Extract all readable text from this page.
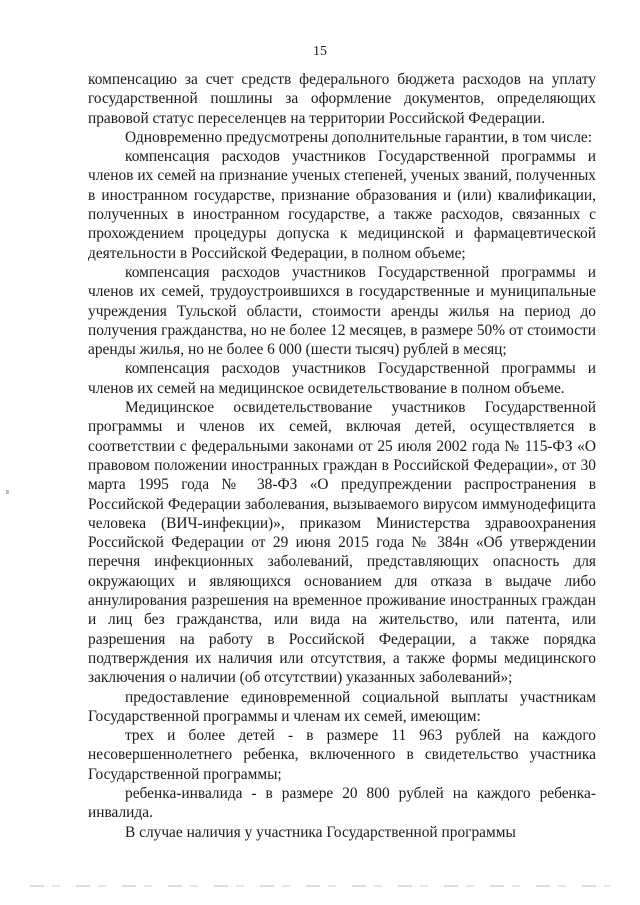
15

компенсацию за счет средств федерального бюджета расходов на уплату государственной пошлины за оформление документов, определяющих правовой статус переселенцев на территории Российской Федерации.

Одновременно предусмотрены дополнительные гарантии, в том числе:

компенсация расходов участников Государственной программы и членов их семей на признание ученых степеней, ученых званий, полученных в иностранном государстве, признание образования и (или) квалификации, полученных в иностранном государстве, а также расходов, связанных с прохождением процедуры допуска к медицинской и фармацевтической деятельности в Российской Федерации, в полном объеме;

компенсация расходов участников Государственной программы и членов их семей, трудоустроившихся в государственные и муниципальные учреждения Тульской области, стоимости аренды жилья на период до получения гражданства, но не более 12 месяцев, в размере 50% от стоимости аренды жилья, но не более 6 000 (шести тысяч) рублей в месяц;

компенсация расходов участников Государственной программы и членов их семей на медицинское освидетельствование в полном объеме.

Медицинское освидетельствование участников Государственной программы и членов их семей, включая детей, осуществляется в соответствии с федеральными законами от 25 июля 2002 года № 115-ФЗ «О правовом положении иностранных граждан в Российской Федерации», от 30 марта 1995 года № 38-ФЗ «О предупреждении распространения в Российской Федерации заболевания, вызываемого вирусом иммунодефицита человека (ВИЧ-инфекции)», приказом Министерства здравоохранения Российской Федерации от 29 июня 2015 года № 384н «Об утверждении перечня инфекционных заболеваний, представляющих опасность для окружающих и являющихся основанием для отказа в выдаче либо аннулирования разрешения на временное проживание иностранных граждан и лиц без гражданства, или вида на жительство, или патента, или разрешения на работу в Российской Федерации, а также порядка подтверждения их наличия или отсутствия, а также формы медицинского заключения о наличии (об отсутствии) указанных заболеваний»;

предоставление единовременной социальной выплаты участникам Государственной программы и членам их семей, имеющим:

трех и более детей - в размере 11 963 рублей на каждого несовершеннолетнего ребенка, включенного в свидетельство участника Государственной программы;

ребенка-инвалида - в размере 20 800 рублей на каждого ребенка-инвалида.

В случае наличия у участника Государственной программы
